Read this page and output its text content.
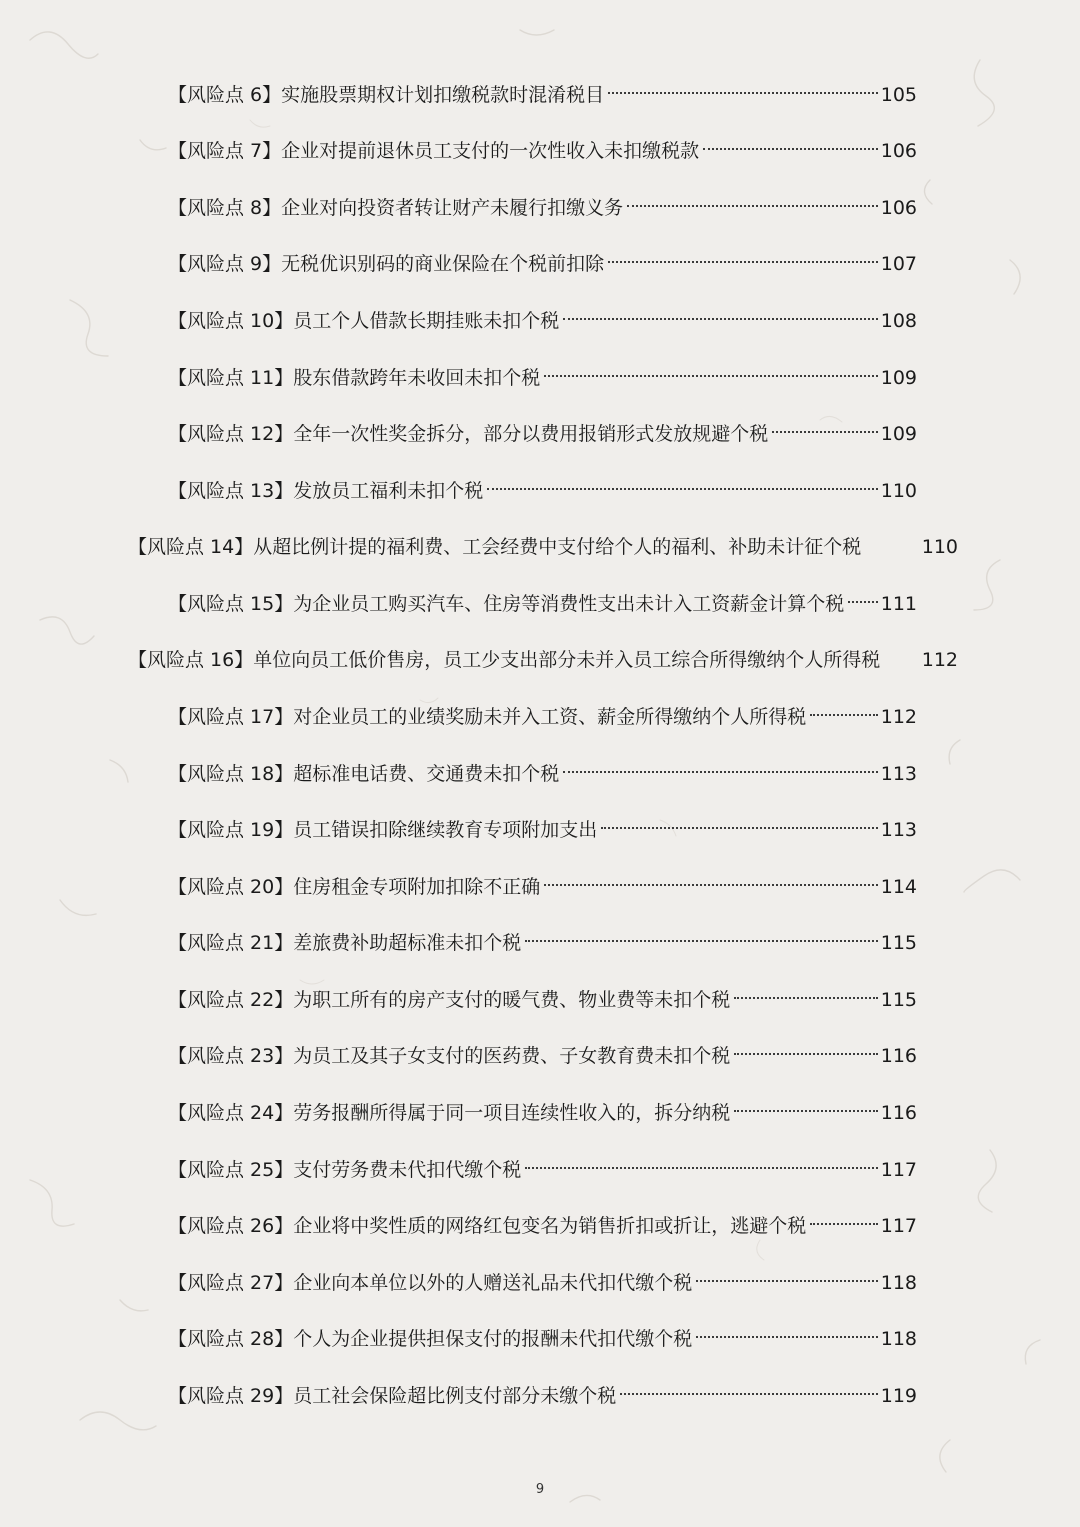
【风险点 6】实施股票期权计划扣缴税款时混淆税目	105
【风险点 7】企业对提前退休员工支付的一次性收入未扣缴税款	106
【风险点 8】企业对向投资者转让财产未履行扣缴义务	106
【风险点 9】无税优识别码的商业保险在个税前扣除	107
【风险点 10】员工个人借款长期挂账未扣个税	108
【风险点 11】股东借款跨年未收回未扣个税	109
【风险点 12】全年一次性奖金拆分，部分以费用报销形式发放规避个税	109
【风险点 13】发放员工福利未扣个税	110
【风险点 14】从超比例计提的福利费、工会经费中支付给个人的福利、补助未计征个税	110
【风险点 15】为企业员工购买汽车、住房等消费性支出未计入工资薪金计算个税 111
【风险点 16】单位向员工低价售房，员工少支出部分未并入员工综合所得缴纳个人所得税 112
【风险点 17】对企业员工的业绩奖励未并入工资、薪金所得缴纳个人所得税	112
【风险点 18】超标准电话费、交通费未扣个税	113
【风险点 19】员工错误扣除继续教育专项附加支出	113
【风险点 20】住房租金专项附加扣除不正确	114
【风险点 21】差旅费补助超标准未扣个税	115
【风险点 22】为职工所有的房产支付的暖气费、物业费等未扣个税	115
【风险点 23】为员工及其子女支付的医药费、子女教育费未扣个税	116
【风险点 24】劳务报酬所得属于同一项目连续性收入的，拆分纳税	116
【风险点 25】支付劳务费未代扣代缴个税	117
【风险点 26】企业将中奖性质的网络红包变名为销售折扣或折让，逃避个税	117
【风险点 27】企业向本单位以外的人赠送礼品未代扣代缴个税	118
【风险点 28】个人为企业提供担保支付的报酬未代扣代缴个税	118
【风险点 29】员工社会保险超比例支付部分未缴个税	119
9
